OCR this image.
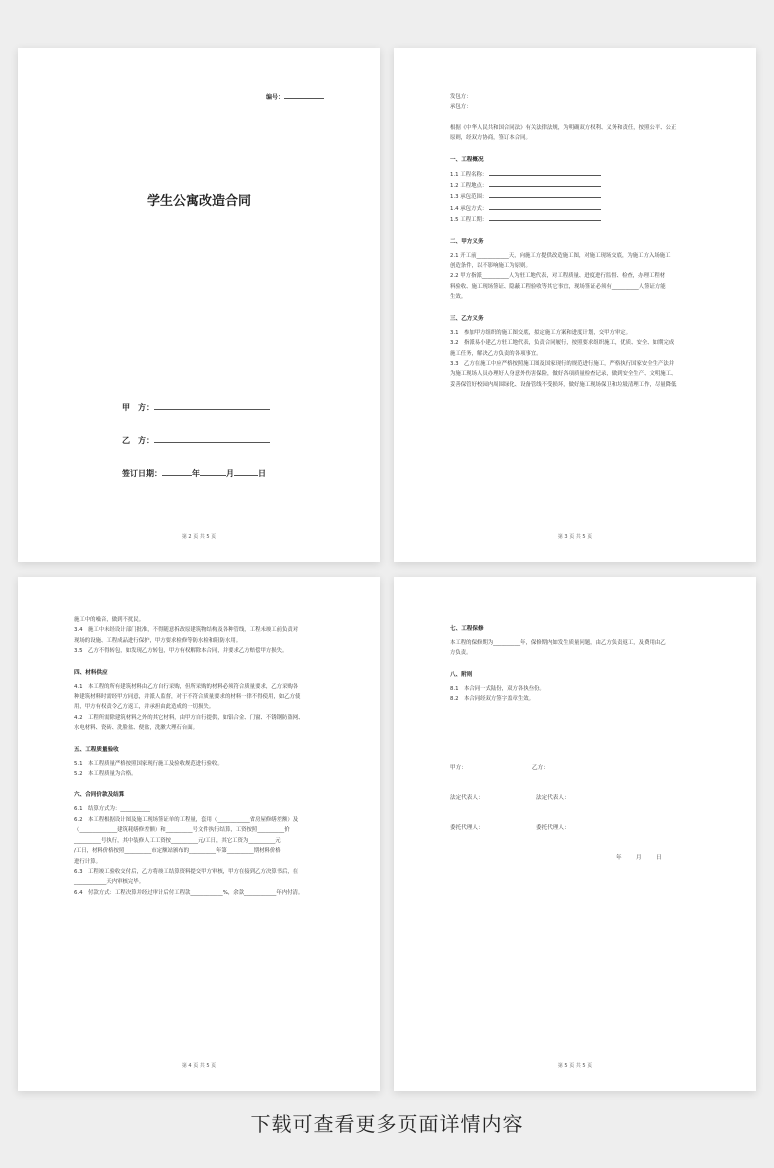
编号：
学生公寓改造合同
甲　方：
乙　方：
签订日期：	年	月	日
第 2 页 共 5 页
发包方：
承包方：
根据《中华人民共和国合同法》有关法律法规，为明确双方权利、义务和责任，按照公平、公正
原则，经双方协商，签订本合同。
一、工程概况
1.1 工程名称：
1.2 工程地点：
1.3 承包范围：
1.4 承包方式：
1.5 工程工期：
二、甲方义务
2.1 开工前____________天，向施工方提供改造施工图，对施工现场交底，为施工方入场施工
创造条件，以不影响施工为原则。
2.2 甲方指派__________人为驻工地代表，对工程质量、进度进行监督、检查，办理工程材
料验收、施工现场签证、隐蔽工程验收等其它事宜，现场签证必须有__________人签证方能
生效。
三、乙方义务
3.1　参加甲方组织的施工图交底，拟定施工方案和进度计划，交甲方审定。
3.2　指派易小建乙方驻工地代表，负责合同履行，按照要求组织施工，优质、安全、如期完成
施工任务，解决乙方负责的各项事宜。
3.3　乙方在施工中应严格按照施工图及国家现行的规范进行施工，严格执行国家安全生产法并
为施工现场人员办理好人身意外伤害保险，做好各项质量检查记录，做到安全生产、文明施工、
妥善保管好校园内周围绿化、设备管线不受损坏，做好施工现场保卫和垃圾清理工作，尽量降低
第 3 页 共 5 页
施工中的噪音，做到不扰民。
3.4　施工中未经设计部门批准，不得随意拆改原建筑物结构及各种管线，工程未竣工前负责对
现场的设施、工程成品进行保护，甲方要求检修等防水检和阻防水用。
3.5　乙方不得转包，如发现乙方转包，甲方有权解除本合同，并要求乙方赔偿甲方损失。
四、材料供应
4.1　本工程的所有建筑材料由乙方自行采购，但所采购的材料必须符合质量要求，乙方采购各
种建筑材料时需经甲方同意，并派人监督，对于不符合质量要求的材料一律不得使用，如乙方使
用，甲方有权责令乙方返工，并承担由此造成的一切损失。
4.2　工程所需除建筑材料之外的其它材料，由甲方自行提供，如铝合金、门窗、不锈钢防盗网、
水电材料、瓷砖、洗脸盆、便盆，洗漱大理石台面。
五、工程质量验收
5.1　本工程质量严格按照国家现行施工及验收规范进行验收。
5.2　本工程质量为合格。
六、合同价款及结算
6.1　结算方式为：___________
6.2　本工程根据设计图及施工现场签证单的工程量，套用（____________省房屋修缮差额）及
（______________建筑耗缮修差额）和__________号文件执行结算，工资按照__________价
__________号执行，其中装修人工工资按__________元/工日，其它工资为__________元
/工日，材料价格按照__________市定额站颁布的__________年第__________期材料价格
进行计算。
6.3　工程竣工验收交付后，乙方将竣工结算资料提交甲方审核，甲方在接到乙方决算书后，在
____________天内审核完毕。
6.4　付款方式：工程决算并经过审计后付工程款____________%，余款____________年内付清。
第 4 页 共 5 页
七、工程保修
本工程的保修期为__________年，保修期内如发生质量问题，由乙方负责返工，及费用由乙
方负责。
八、附则
8.1　本合同一式陆份，双方各执叁份。
8.2　本合同经双方签字盖章生效。
甲方：	乙方：
法定代表人：	法定代表人：
委托代理人：	委托代理人：
年	月	日
第 5 页 共 5 页
下载可查看更多页面详情内容
